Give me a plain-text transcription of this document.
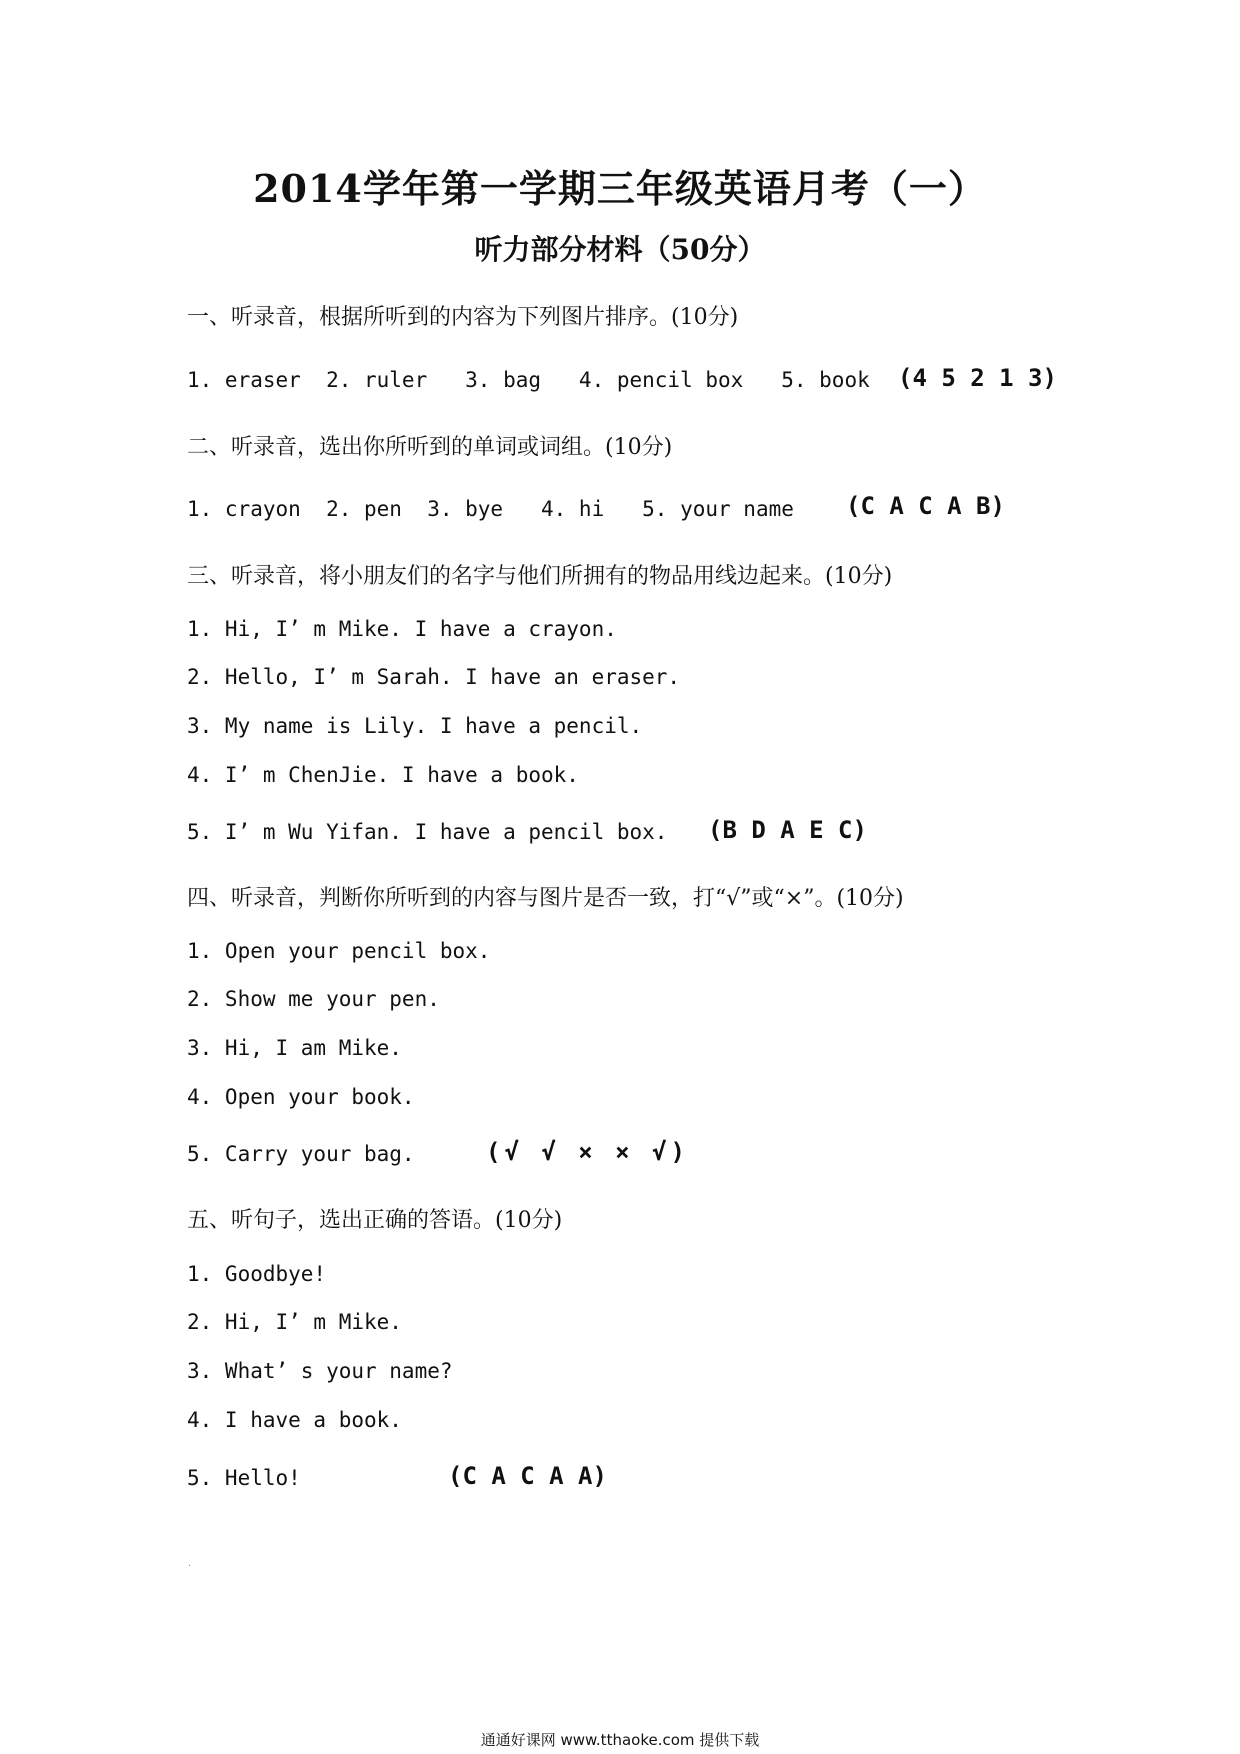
2014学年第一学期三年级英语月考（一）
听力部分材料（50分）
一、听录音，根据所听到的内容为下列图片排序。(10分)
1. eraser  2. ruler   3. bag   4. pencil box   5. book (4 5 2 1 3)
二、听录音，选出你所听到的单词或词组。(10分)
1. crayon  2. pen  3. bye   4. hi   5. your name (C A C A B)
三、听录音，将小朋友们的名字与他们所拥有的物品用线边起来。(10分)
1. Hi, I’ m Mike. I have a crayon.
2. Hello, I’ m Sarah. I have an eraser.
3. My name is Lily. I have a pencil.
4. I’ m ChenJie. I have a book.
5. I’ m Wu Yifan. I have a pencil box. (B D A E C)
四、听录音，判断你所听到的内容与图片是否一致，打“√”或“×”。(10分)
1. Open your pencil box.
2. Show me your pen.
3. Hi, I am Mike.
4. Open your book.
5. Carry your bag.	(√ √ × × √)
五、听句子，选出正确的答语。(10分)
1. Goodbye!
2. Hi, I’ m Mike.
3. What’ s your name?
4. I have a book.
5. Hello!	(C A C A A)
.
通通好课网 www.tthaoke.com 提供下载
